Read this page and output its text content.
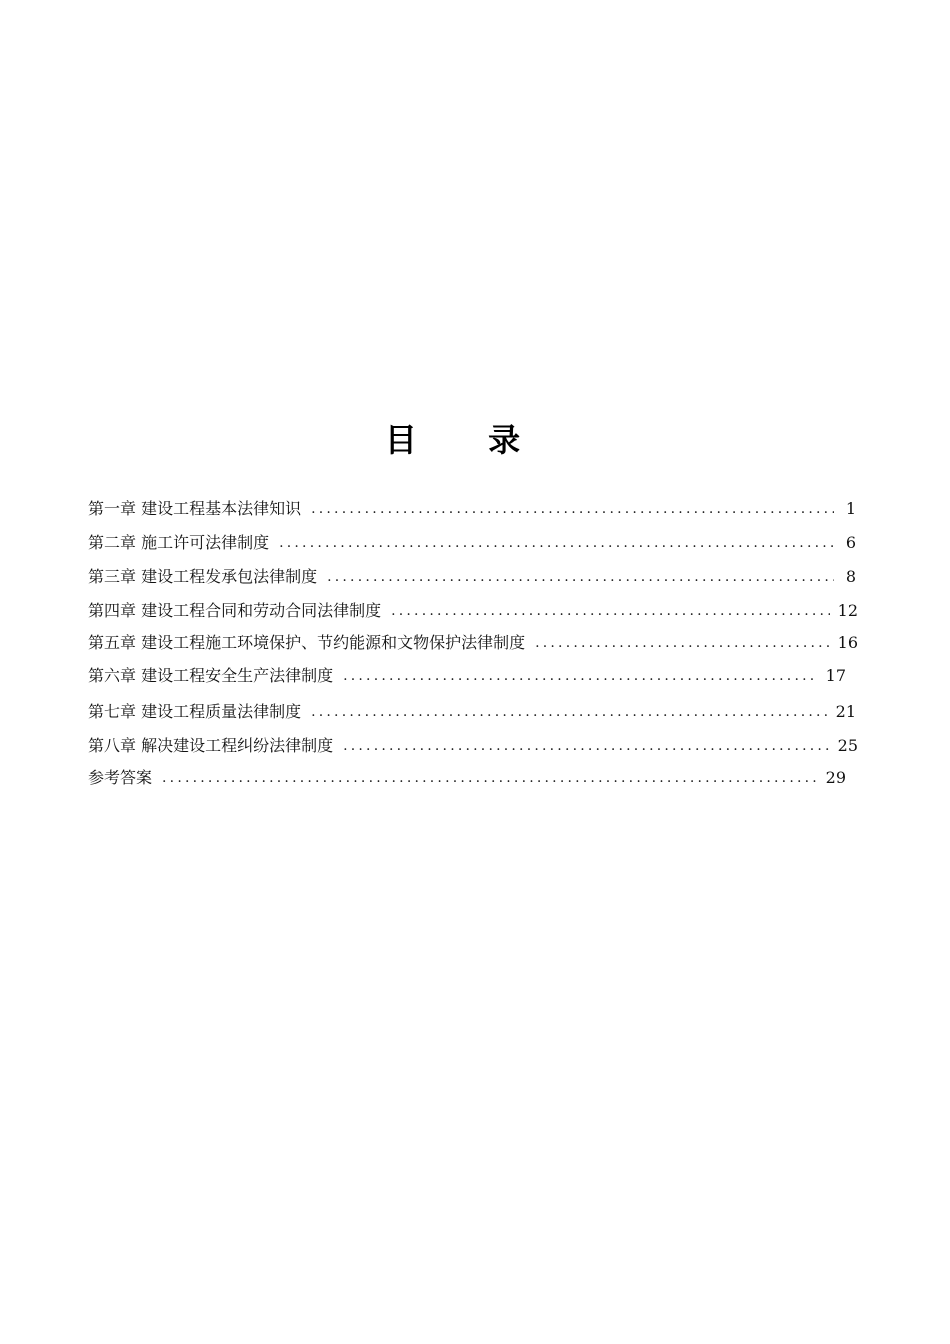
目 录
第一章 建设工程基本法律知识 .....	1
第二章 施工许可法律制度 .....	6
第三章 建设工程发承包法律制度 .....	8
第四章 建设工程合同和劳动合同法律制度 .....	12
第五章 建设工程施工环境保护、节约能源和文物保护法律制度 .....	16
第六章 建设工程安全生产法律制度 .....	17
第七章 建设工程质量法律制度 .....	21
第八章 解决建设工程纠纷法律制度 .....	25
参考答案 .....	29
